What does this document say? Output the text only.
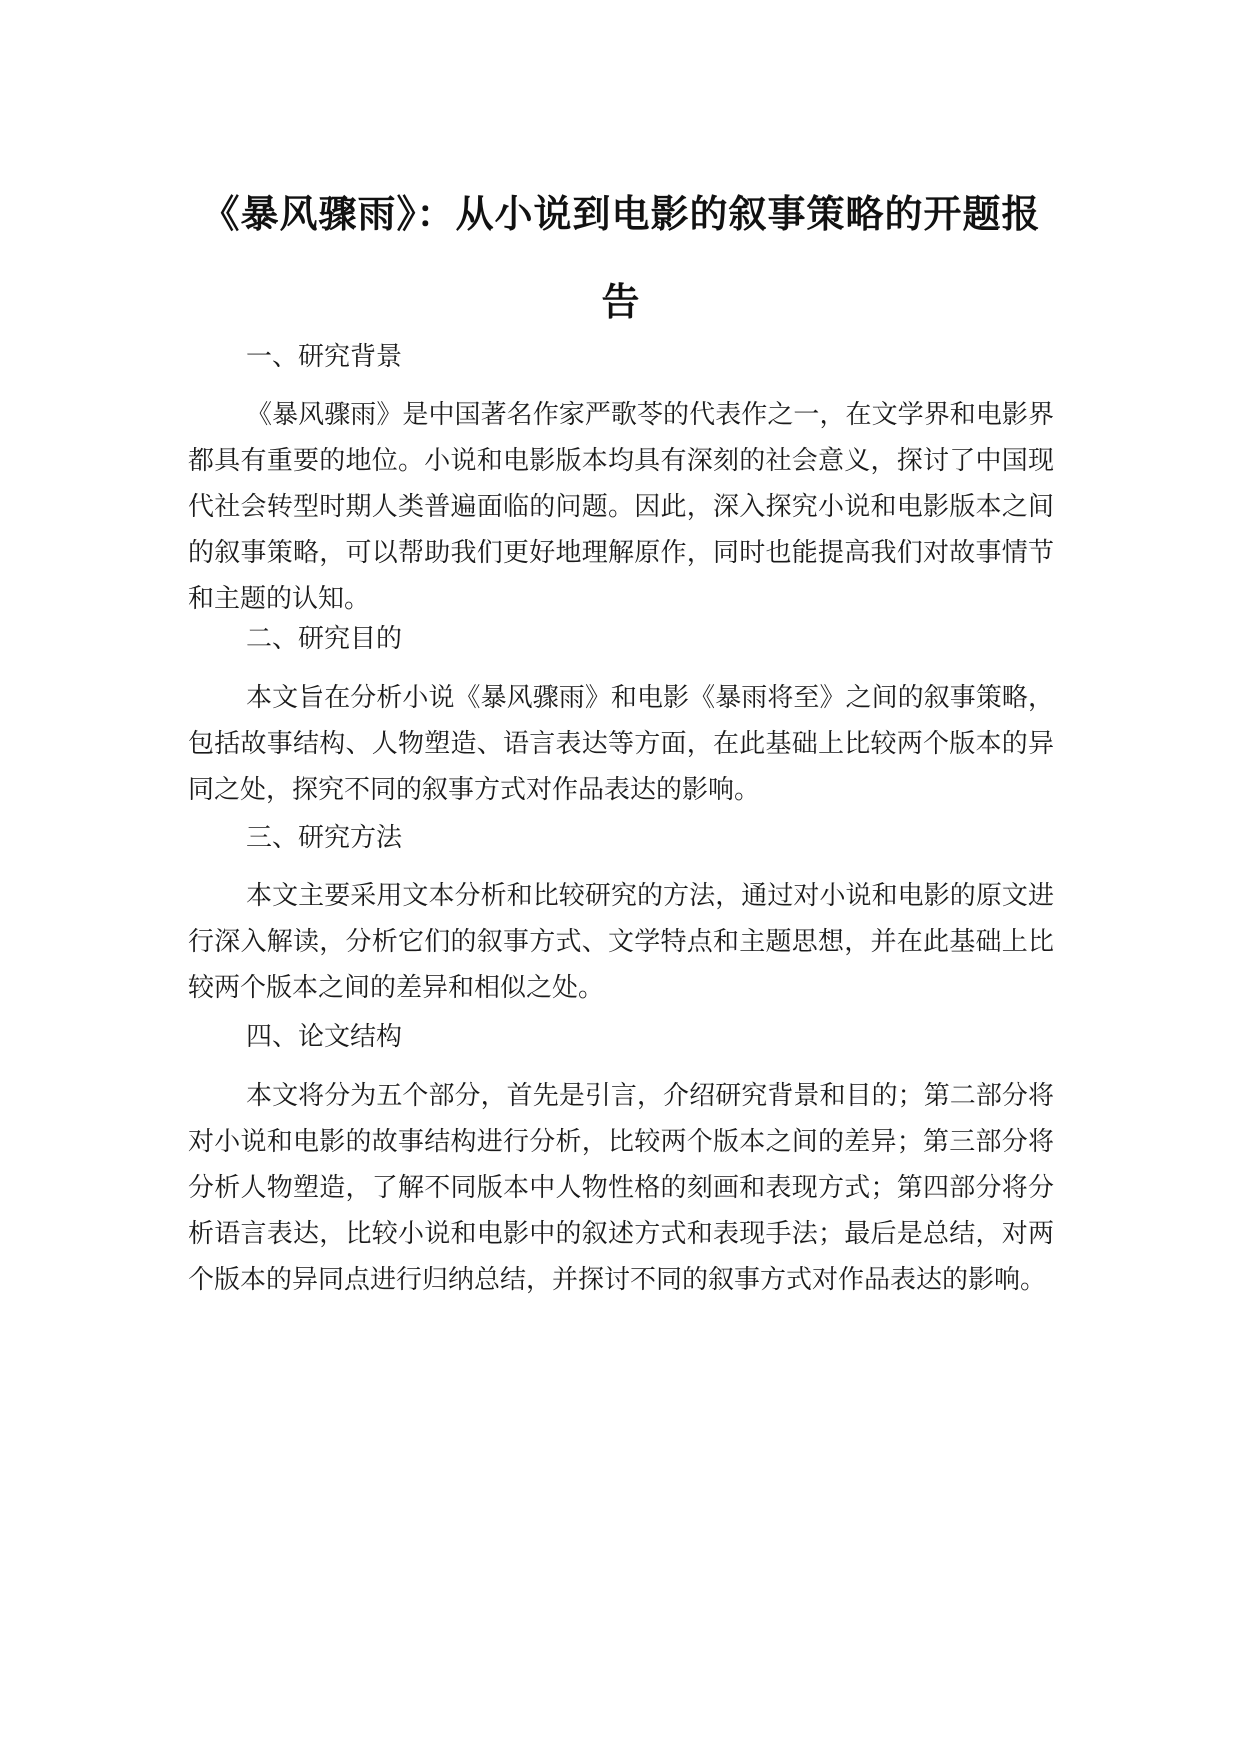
《暴风骤雨》：从小说到电影的叙事策略的开题报告
一、研究背景

《暴风骤雨》是中国著名作家严歌苓的代表作之一，在文学界和电影界都具有重要的地位。小说和电影版本均具有深刻的社会意义，探讨了中国现代社会转型时期人类普遍面临的问题。因此，深入探究小说和电影版本之间的叙事策略，可以帮助我们更好地理解原作，同时也能提高我们对故事情节和主题的认知。

二、研究目的

本文旨在分析小说《暴风骤雨》和电影《暴雨将至》之间的叙事策略，包括故事结构、人物塑造、语言表达等方面，在此基础上比较两个版本的异同之处，探究不同的叙事方式对作品表达的影响。

三、研究方法

本文主要采用文本分析和比较研究的方法，通过对小说和电影的原文进行深入解读，分析它们的叙事方式、文学特点和主题思想，并在此基础上比较两个版本之间的差异和相似之处。

四、论文结构

本文将分为五个部分，首先是引言，介绍研究背景和目的；第二部分将对小说和电影的故事结构进行分析，比较两个版本之间的差异；第三部分将分析人物塑造，了解不同版本中人物性格的刻画和表现方式；第四部分将分析语言表达，比较小说和电影中的叙述方式和表现手法；最后是总结，对两个版本的异同点进行归纳总结，并探讨不同的叙事方式对作品表达的影响。
